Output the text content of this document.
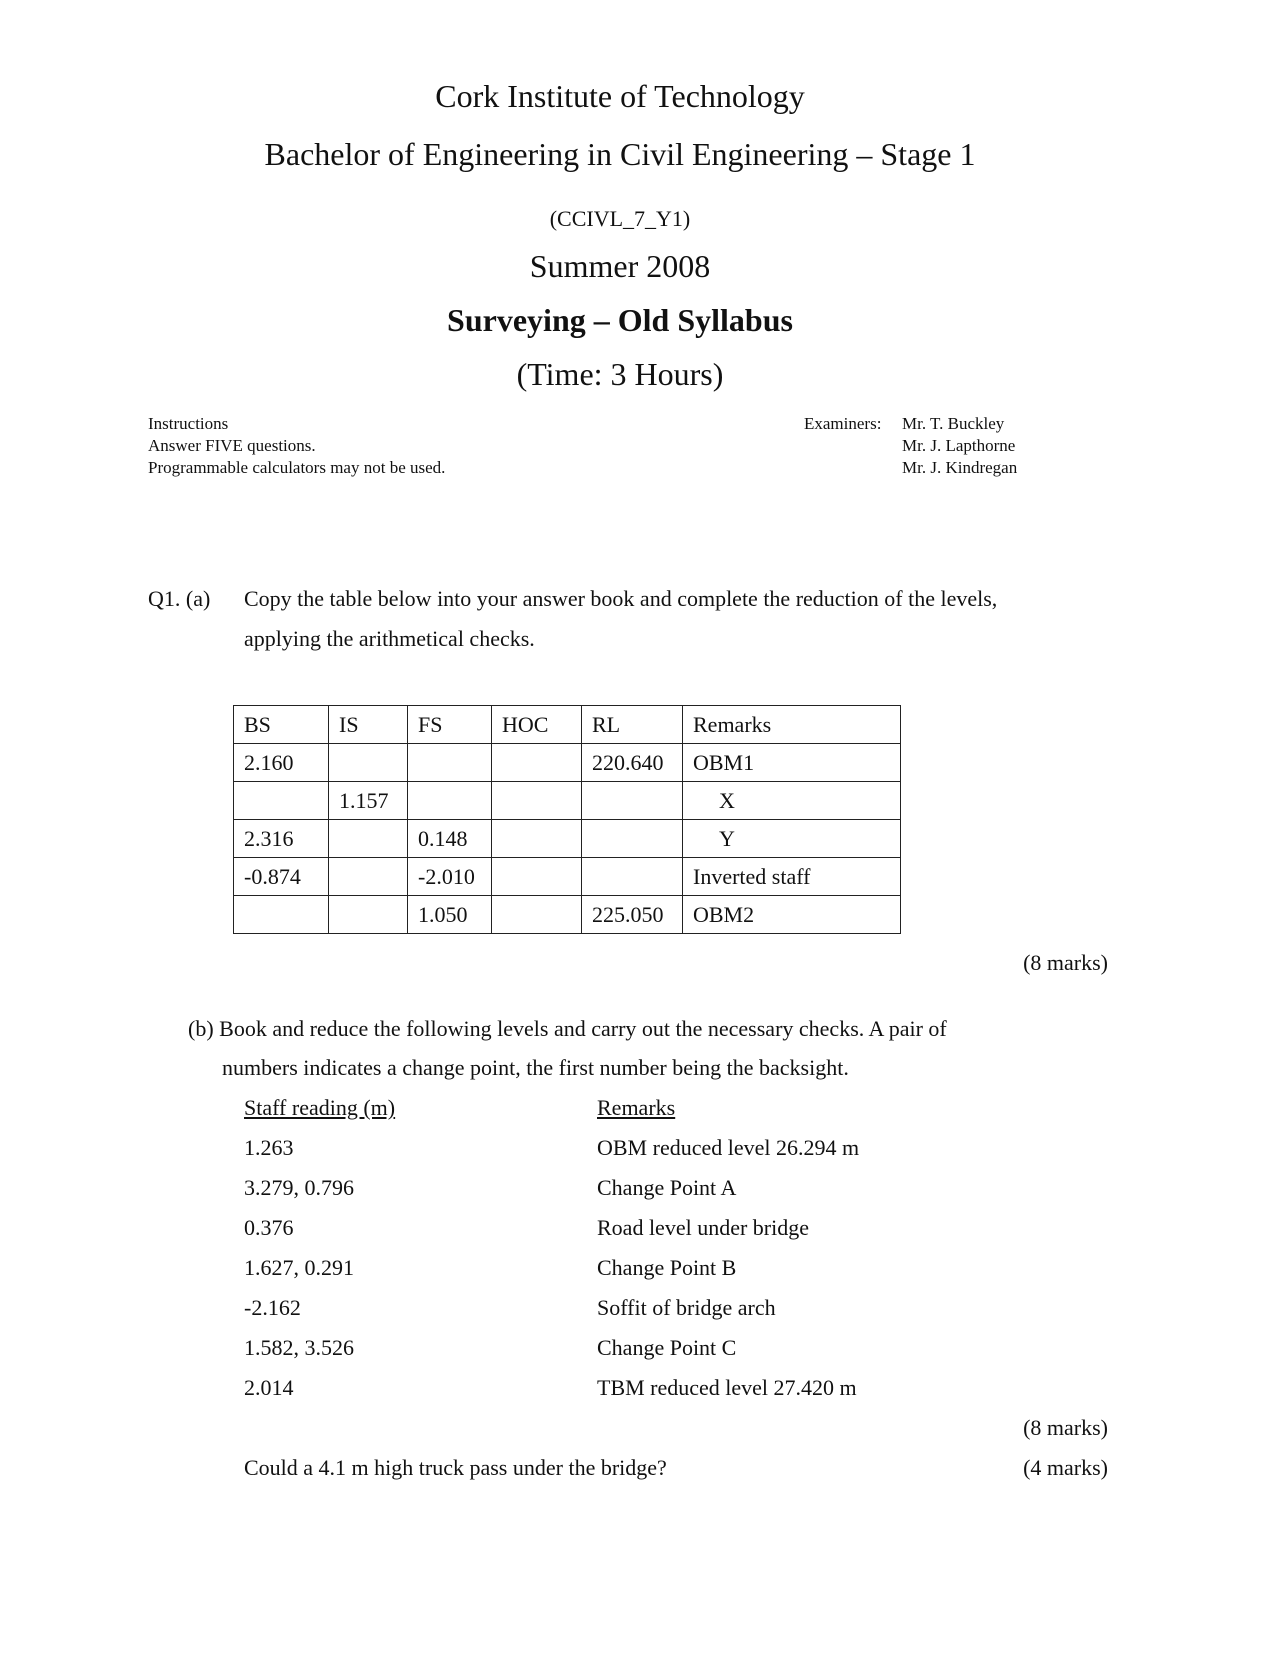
Cork Institute of Technology
Bachelor of Engineering in Civil Engineering – Stage 1
(CCIVL_7_Y1)
Summer 2008
Surveying – Old Syllabus
(Time: 3 Hours)
Instructions
Answer FIVE questions.
Programmable calculators may not be used.
Examiners: Mr. T. Buckley
Mr. J. Lapthorne
Mr. J. Kindregan
Q1. (a) Copy the table below into your answer book and complete the reduction of the levels,
applying the arithmetical checks.
BS	IS	FS	HOC	RL	Remarks
2.160				220.640	OBM1
	1.157				X
2.316		0.148			Y
-0.874		-2.010			Inverted staff
		1.050		225.050	OBM2
(8 marks)
(b) Book and reduce the following levels and carry out the necessary checks. A pair of
numbers indicates a change point, the first number being the backsight.
Staff reading (m)	Remarks
1.263	OBM reduced level 26.294 m
3.279, 0.796	Change Point A
0.376	Road level under bridge
1.627, 0.291	Change Point B
-2.162	Soffit of bridge arch
1.582, 3.526	Change Point C
2.014	TBM reduced level 27.420 m
(8 marks)
Could a 4.1 m high truck pass under the bridge?	(4 marks)
